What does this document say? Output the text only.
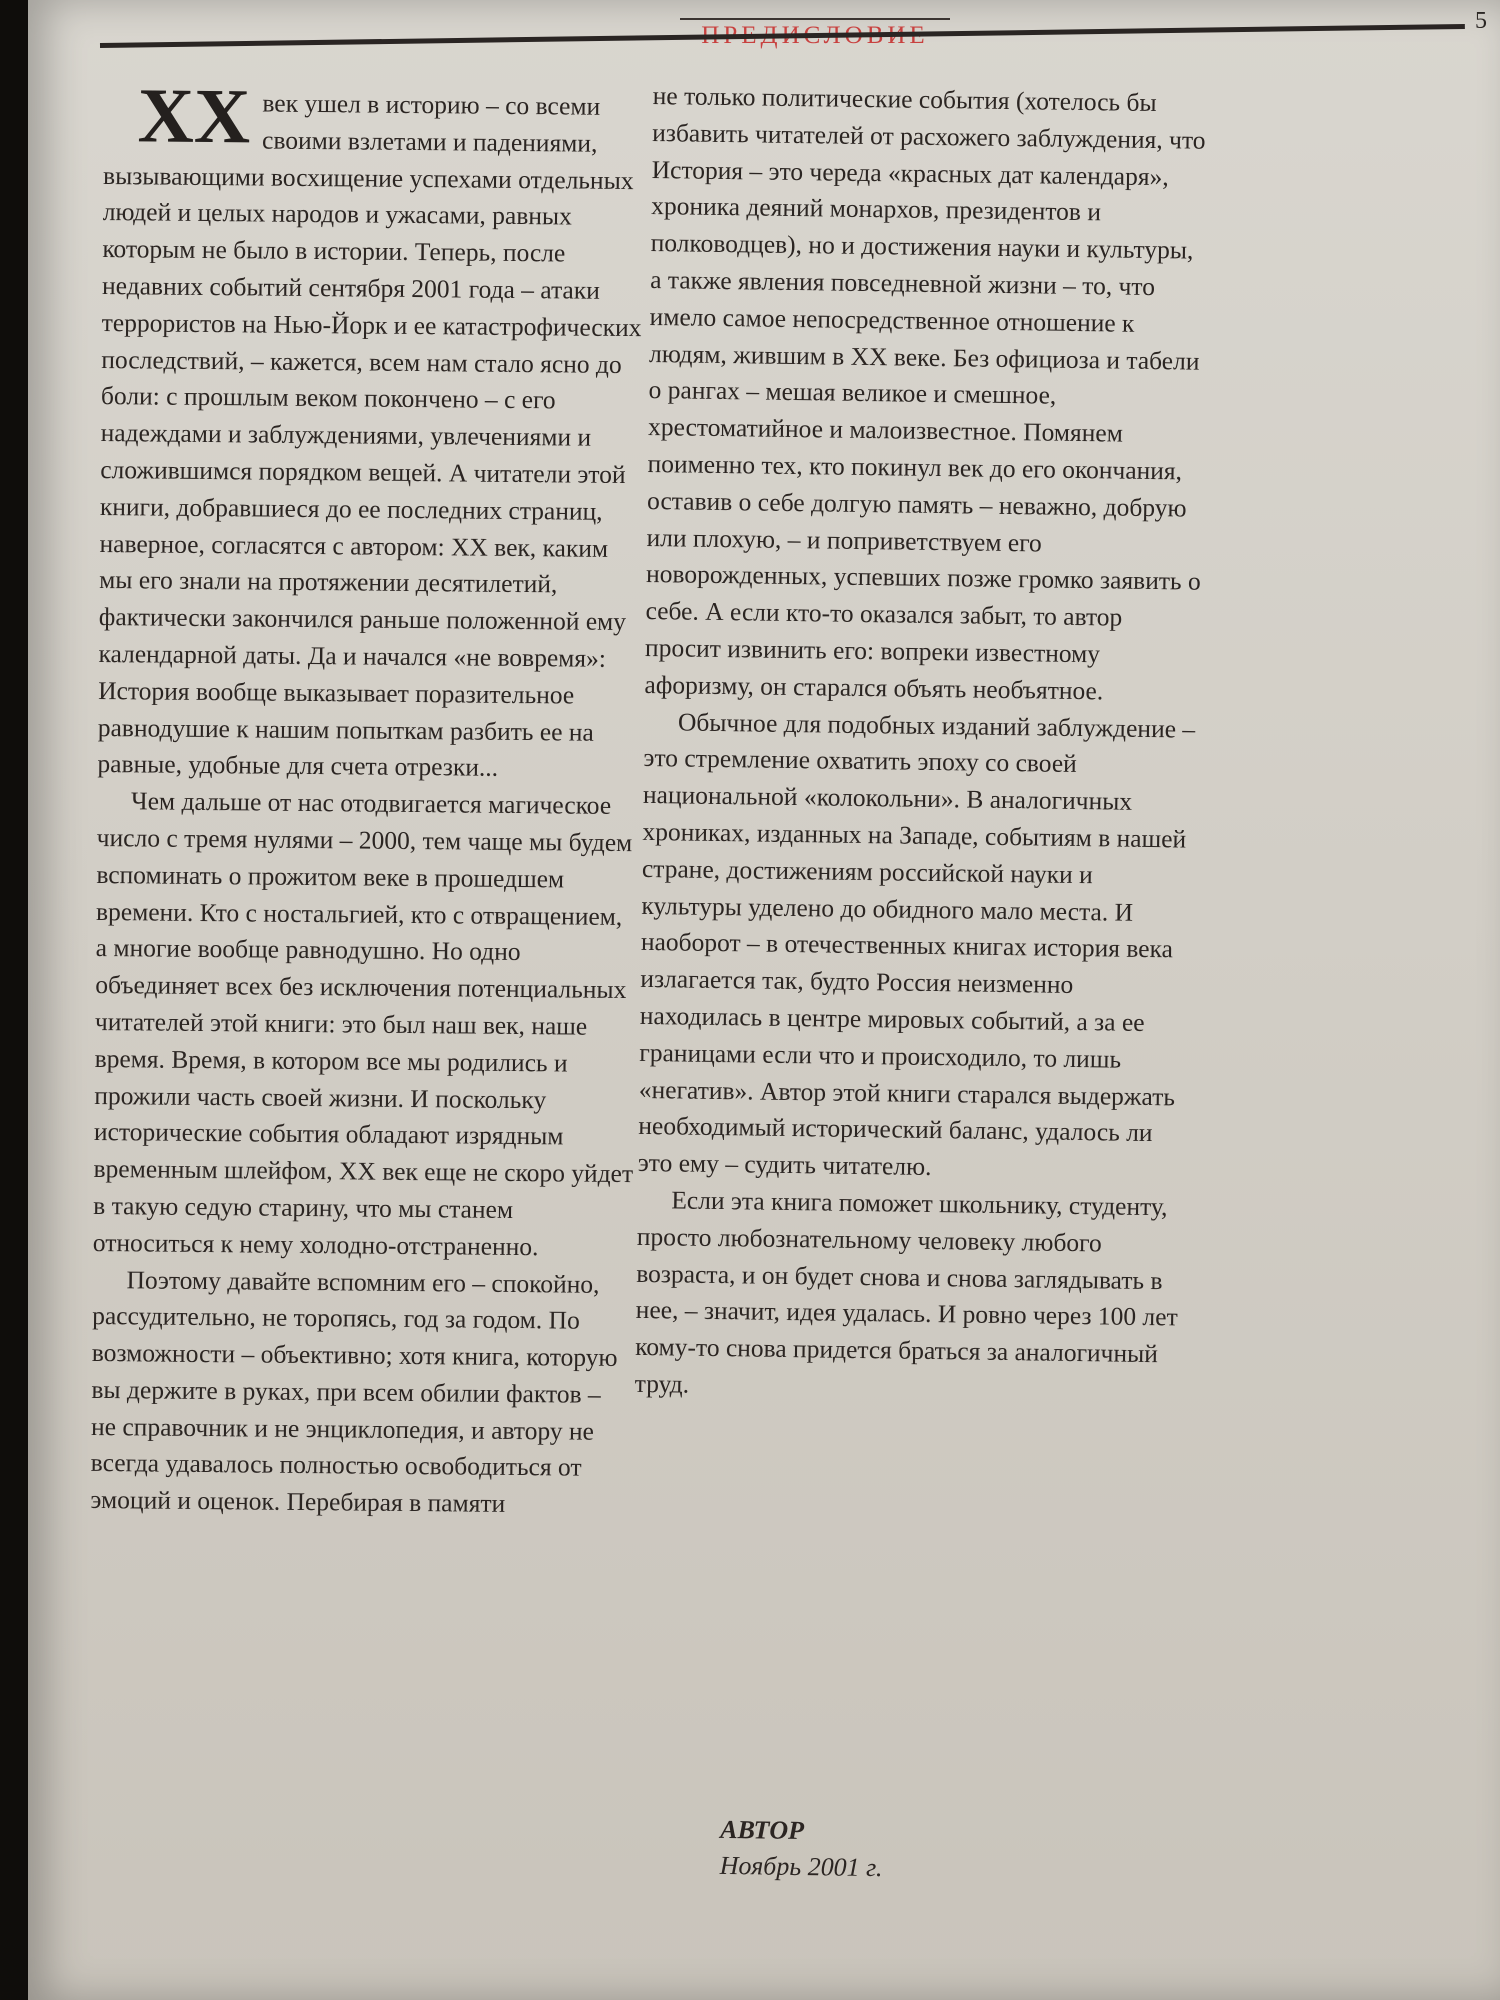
5

XX век ушел в историю – со всеми своими взлетами и падениями, вызывающими восхищение успехами отдельных людей и целых народов и ужасами, равных которым не было в истории. Теперь, после недавних событий сентября 2001 года – атаки террористов на Нью-Йорк и ее катастрофических последствий, – кажется, всем нам стало ясно до боли: с прошлым веком покончено – с его надеждами и заблуждениями, увлечениями и сложившимся порядком вещей. А читатели этой книги, добравшиеся до ее последних страниц, наверное, согласятся с автором: XX век, каким мы его знали на протяжении десятилетий, фактически закончился раньше положенной ему календарной даты. Да и начался «не вовремя»: История вообще выказывает поразительное равнодушие к нашим попыткам разбить ее на равные, удобные для счета отрезки...

Чем дальше от нас отодвигается магическое число с тремя нулями – 2000, тем чаще мы будем вспоминать о прожитом веке в прошедшем времени. Кто с ностальгией, кто с отвращением, а многие вообще равнодушно. Но одно объединяет всех без исключения потенциальных читателей этой книги: это был наш век, наше время. Время, в котором все мы родились и прожили часть своей жизни. И поскольку исторические события обладают изрядным временным шлейфом, XX век еще не скоро уйдет в такую седую старину, что мы станем относиться к нему холодно-отстраненно.

Поэтому давайте вспомним его – спокойно, рассудительно, не торопясь, год за годом. По возможности – объективно; хотя книга, которую вы держите в руках, при всем обилии фактов – не справочник и не энциклопедия, и автору не всегда удавалось полностью освободиться от эмоций и оценок. Перебирая в памяти

не только политические события (хотелось бы избавить читателей от расхожего заблуждения, что История – это череда «красных дат календаря», хроника деяний монархов, президентов и полководцев), но и достижения науки и культуры, а также явления повседневной жизни – то, что имело самое непосредственное отношение к людям, жившим в XX веке. Без официоза и табели о рангах – мешая великое и смешное, хрестоматийное и малоизвестное. Помянем поименно тех, кто покинул век до его окончания, оставив о себе долгую память – неважно, добрую или плохую, – и поприветствуем его новорожденных, успевших позже громко заявить о себе. А если кто-то оказался забыт, то автор просит извинить его: вопреки известному афоризму, он старался объять необъятное.

Обычное для подобных изданий заблуждение – это стремление охватить эпоху со своей национальной «колокольни». В аналогичных хрониках, изданных на Западе, событиям в нашей стране, достижениям российской науки и культуры уделено до обидного мало места. И наоборот – в отечественных книгах история века излагается так, будто Россия неизменно находилась в центре мировых событий, а за ее границами если что и происходило, то лишь «негатив». Автор этой книги старался выдержать необходимый исторический баланс, удалось ли это ему – судить читателю.

Если эта книга поможет школьнику, студенту, просто любознательному человеку любого возраста, и он будет снова и снова заглядывать в нее, – значит, идея удалась. И ровно через 100 лет кому-то снова придется браться за аналогичный труд.

АВТОР
Ноябрь 2001 г.
